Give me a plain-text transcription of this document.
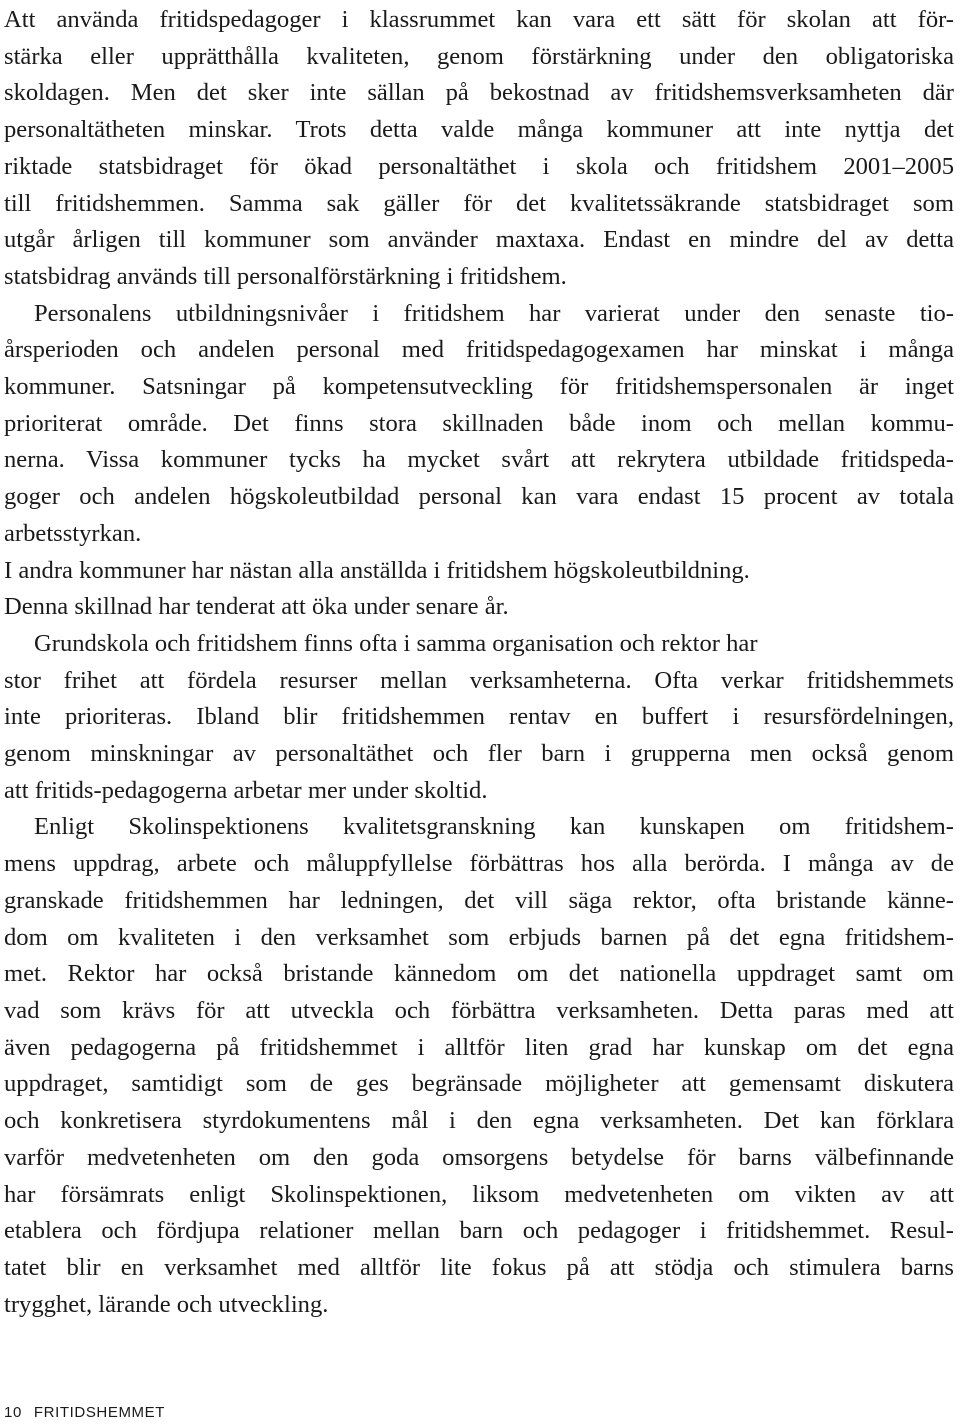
Att använda fritidspedagoger i klassrummet kan vara ett sätt för skolan att för-
stärka eller upprätthålla kvaliteten, genom förstärkning under den obligatoriska
skoldagen. Men det sker inte sällan på bekostnad av fritidshemsverksamheten där
personaltätheten minskar. Trots detta valde många kommuner att inte nyttja det
riktade statsbidraget för ökad personaltäthet i skola och fritidshem 2001–2005
till fritidshemmen. Samma sak gäller för det kvalitetssäkrande statsbidraget som
utgår årligen till kommuner som använder maxtaxa. Endast en mindre del av detta
statsbidrag används till personalförstärkning i fritidshem.
Personalens utbildningsnivåer i fritidshem har varierat under den senaste tio-
årsperioden och andelen personal med fritidspedagogexamen har minskat i många
kommuner. Satsningar på kompetensutveckling för fritidshemspersonalen är inget
prioriterat område. Det finns stora skillnaden både inom och mellan kommu-
nerna. Vissa kommuner tycks ha mycket svårt att rekrytera utbildade fritidspeda-
goger och andelen högskoleutbildad personal kan vara endast 15 procent av totala
arbetsstyrkan.
I andra kommuner har nästan alla anställda i fritidshem högskoleutbildning.
Denna skillnad har tenderat att öka under senare år.
Grundskola och fritidshem finns ofta i samma organisation och rektor har
stor frihet att fördela resurser mellan verksamheterna. Ofta verkar fritidshemmets
inte prioriteras. Ibland blir fritidshemmen rentav en buffert i resursfördelningen,
genom minskningar av personaltäthet och fler barn i grupperna men också genom
att fritids-pedagogerna arbetar mer under skoltid.
Enligt Skolinspektionens kvalitetsgranskning kan kunskapen om fritidshem-
mens uppdrag, arbete och måluppfyllelse förbättras hos alla berörda. I många av de
granskade fritidshemmen har ledningen, det vill säga rektor, ofta bristande känne-
dom om kvaliteten i den verksamhet som erbjuds barnen på det egna fritidshem-
met. Rektor har också bristande kännedom om det nationella uppdraget samt om
vad som krävs för att utveckla och förbättra verksamheten. Detta paras med att
även pedagogerna på fritidshemmet i alltför liten grad har kunskap om det egna
uppdraget, samtidigt som de ges begränsade möjligheter att gemensamt diskutera
och konkretisera styrdokumentens mål i den egna verksamheten. Det kan förklara
varför medvetenheten om den goda omsorgens betydelse för barns välbefinnande
har försämrats enligt Skolinspektionen, liksom medvetenheten om vikten av att
etablera och fördjupa relationer mellan barn och pedagoger i fritidshemmet. Resul-
tatet blir en verksamhet med alltför lite fokus på att stödja och stimulera barns
trygghet, lärande och utveckling.
10 FRITIDSHEMMET
